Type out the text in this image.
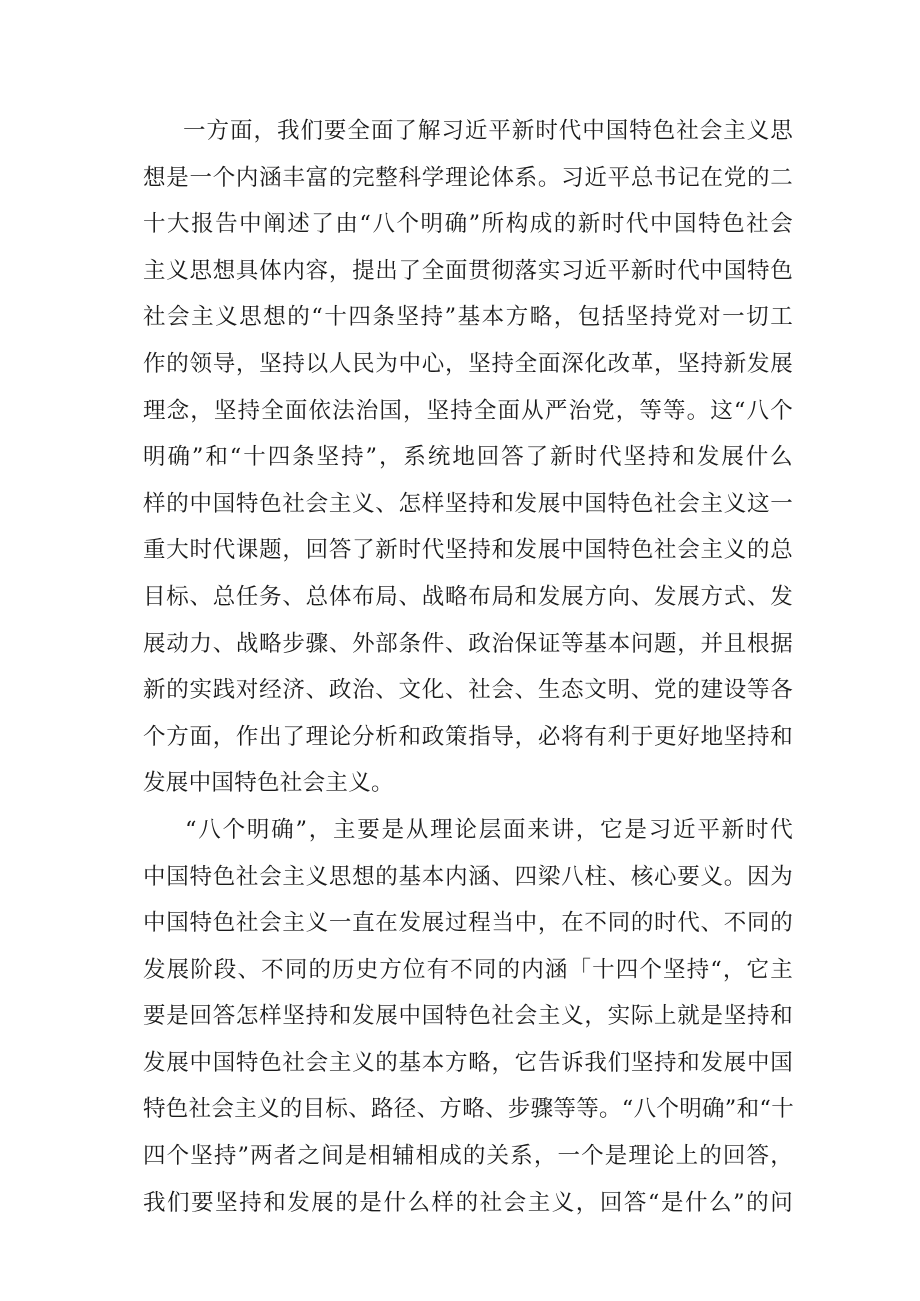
一方面，我们要全面了解习近平新时代中国特色社会主义思
想是一个内涵丰富的完整科学理论体系。习近平总书记在党的二
十大报告中阐述了由“八个明确”所构成的新时代中国特色社会
主义思想具体内容，提出了全面贯彻落实习近平新时代中国特色
社会主义思想的“十四条坚持”基本方略，包括坚持党对一切工
作的领导，坚持以人民为中心，坚持全面深化改革，坚持新发展
理念，坚持全面依法治国，坚持全面从严治党，等等。这“八个
明确”和“十四条坚持”，系统地回答了新时代坚持和发展什么
样的中国特色社会主义、怎样坚持和发展中国特色社会主义这一
重大时代课题，回答了新时代坚持和发展中国特色社会主义的总
目标、总任务、总体布局、战略布局和发展方向、发展方式、发
展动力、战略步骤、外部条件、政治保证等基本问题，并且根据
新的实践对经济、政治、文化、社会、生态文明、党的建设等各
个方面，作出了理论分析和政策指导，必将有利于更好地坚持和
发展中国特色社会主义。
“八个明确”，主要是从理论层面来讲，它是习近平新时代
中国特色社会主义思想的基本内涵、四梁八柱、核心要义。因为
中国特色社会主义一直在发展过程当中，在不同的时代、不同的
发展阶段、不同的历史方位有不同的内涵「十四个坚持“，它主
要是回答怎样坚持和发展中国特色社会主义，实际上就是坚持和
发展中国特色社会主义的基本方略，它告诉我们坚持和发展中国
特色社会主义的目标、路径、方略、步骤等等。“八个明确”和“十
四个坚持”两者之间是相辅相成的关系，一个是理论上的回答，
我们要坚持和发展的是什么样的社会主义，回答“是什么”的问
